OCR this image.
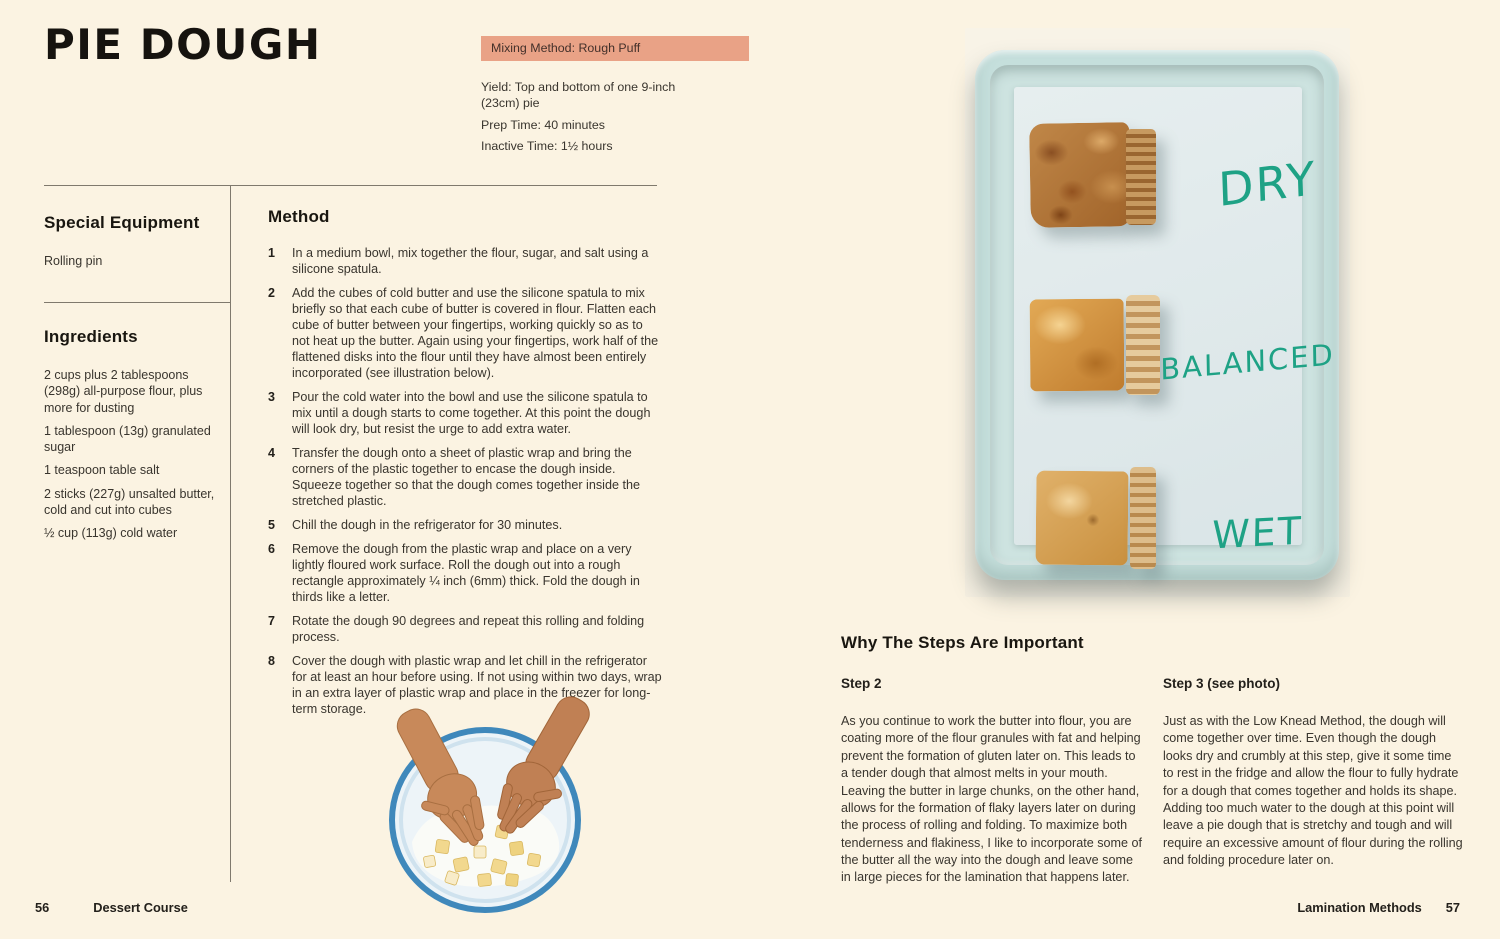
PIE DOUGH	Mixing Method: Rough Puff

Yield: Top and bottom of one 9-inch (23cm) pie

Prep Time: 40 minutes

Inactive Time: 1½ hours

Special Equipment

Rolling pin

Ingredients
2 cups plus 2 tablespoons (298g) all-purpose flour, plus more for dusting
1 tablespoon (13g) granulated sugar
1 teaspoon table salt
2 sticks (227g) unsalted butter, cold and cut into cubes
½ cup (113g) cold water
Method
1	In a medium bowl, mix together the flour, sugar, and salt using a silicone spatula.
2	Add the cubes of cold butter and use the silicone spatula to mix briefly so that each cube of butter is covered in flour. Flatten each cube of butter between your fingertips, working quickly so as to not heat up the butter. Again using your fingertips, work half of the flattened disks into the flour until they have almost been entirely incorporated (see illustration below).
3	Pour the cold water into the bowl and use the silicone spatula to mix until a dough starts to come together. At this point the dough will look dry, but resist the urge to add extra water.
4	Transfer the dough onto a sheet of plastic wrap and bring the corners of the plastic together to encase the dough inside. Squeeze together so that the dough comes together inside the stretched plastic.
5	Chill the dough in the refrigerator for 30 minutes.
6	Remove the dough from the plastic wrap and place on a very lightly floured work surface. Roll the dough out into a rough rectangle approximately ¼ inch (6mm) thick. Fold the dough in thirds like a letter.
7	Rotate the dough 90 degrees and repeat this rolling and folding process.
8	Cover the dough with plastic wrap and let chill in the refrigerator for at least an hour before using. If not using within two days, wrap in an extra layer of plastic wrap and place in the freezer for long-term storage.
DRY
BALANCED
WET
Why The Steps Are Important

Step 2

As you continue to work the butter into flour, you are coating more of the flour granules with fat and helping prevent the formation of gluten later on. This leads to a tender dough that almost melts in your mouth. Leaving the butter in large chunks, on the other hand, allows for the formation of flaky layers later on during the process of rolling and folding. To maximize both tenderness and flakiness, I like to incorporate some of the butter all the way into the dough and leave some in large pieces for the lamination that happens later.

Step 3 (see photo)

Just as with the Low Knead Method, the dough will come together over time. Even though the dough looks dry and crumbly at this step, give it some time to rest in the fridge and allow the flour to fully hydrate for a dough that comes together and holds its shape. Adding too much water to the dough at this point will leave a pie dough that is stretchy and tough and will require an excessive amount of flour during the rolling and folding procedure later on.

56	Dessert Course	Lamination Methods 57
